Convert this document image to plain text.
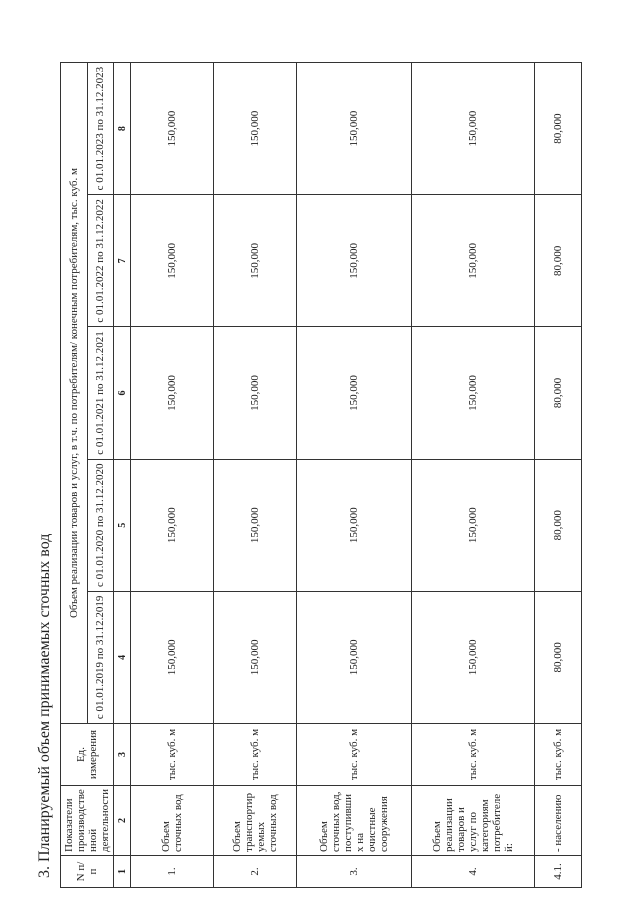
3. Планируемый объем принимаемых сточных вод N п/п	Показатели производственной деятельности	Ед. измерения	Объем реализации товаров и услуг, в т.ч. по потребителям/ конечным потребителям, тыс. куб. м				
			с 01.01.2019 по 31.12.2019	с 01.01.2020 по 31.12.2020	с 01.01.2021 по 31.12.2021	с 01.01.2022 по 31.12.2022	с 01.01.2023 по 31.12.2023
1	2	3	4	5	6	7	8
1.	Объем сточных вод	тыс. куб. м	150,000	150,000	150,000	150,000	150,000
2.	Объем транспортируемых сточных вод	тыс. куб. м	150,000	150,000	150,000	150,000	150,000
3.	Объем сточных вод, поступивших на очистные сооружения	тыс. куб. м	150,000	150,000	150,000	150,000	150,000
4.	Объем реализации товаров и услуг по категориям потребителей:	тыс. куб. м	150,000	150,000	150,000	150,000	150,000
4.1.	- населению	тыс. куб. м	80,000	80,000	80,000	80,000	80,000
